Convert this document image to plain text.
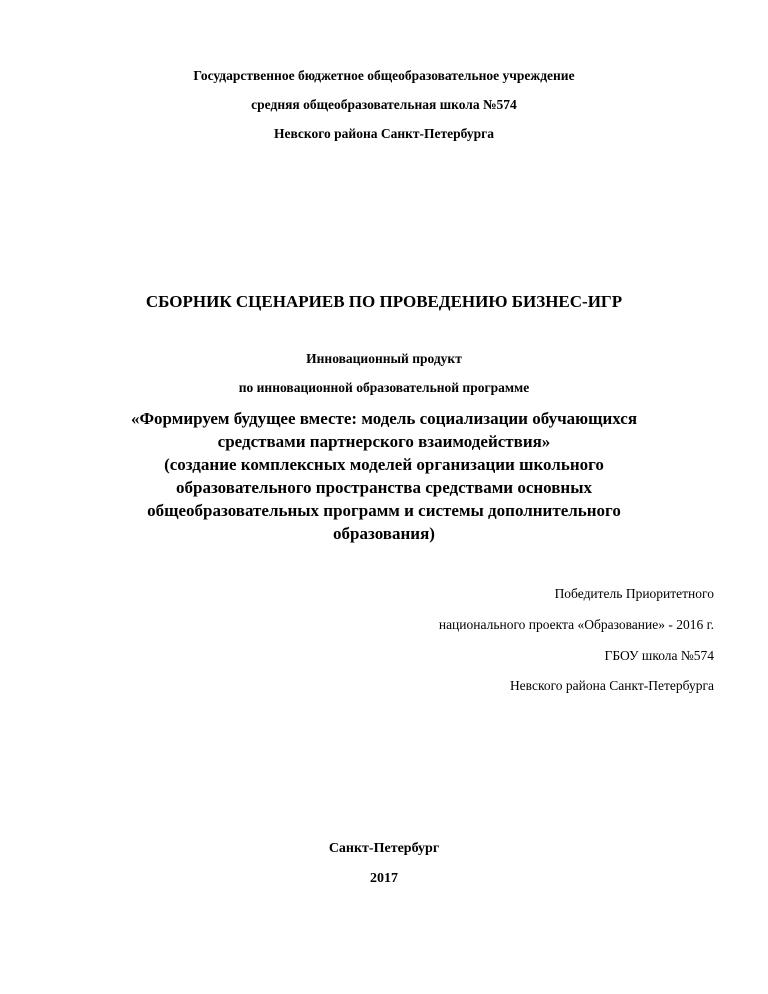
Государственное бюджетное общеобразовательное учреждение
средняя общеобразовательная школа №574
Невского района Санкт-Петербурга
СБОРНИК СЦЕНАРИЕВ ПО ПРОВЕДЕНИЮ БИЗНЕС-ИГР
Инновационный продукт
по инновационной образовательной программе
«Формируем будущее вместе: модель социализации обучающихся
средствами партнерского взаимодействия»
(создание комплексных моделей организации школьного
образовательного пространства средствами основных
общеобразовательных программ и системы дополнительного
образования)
Победитель Приоритетного
национального проекта «Образование» - 2016 г.
ГБОУ школа №574
Невского района Санкт-Петербурга
Санкт-Петербург
2017
